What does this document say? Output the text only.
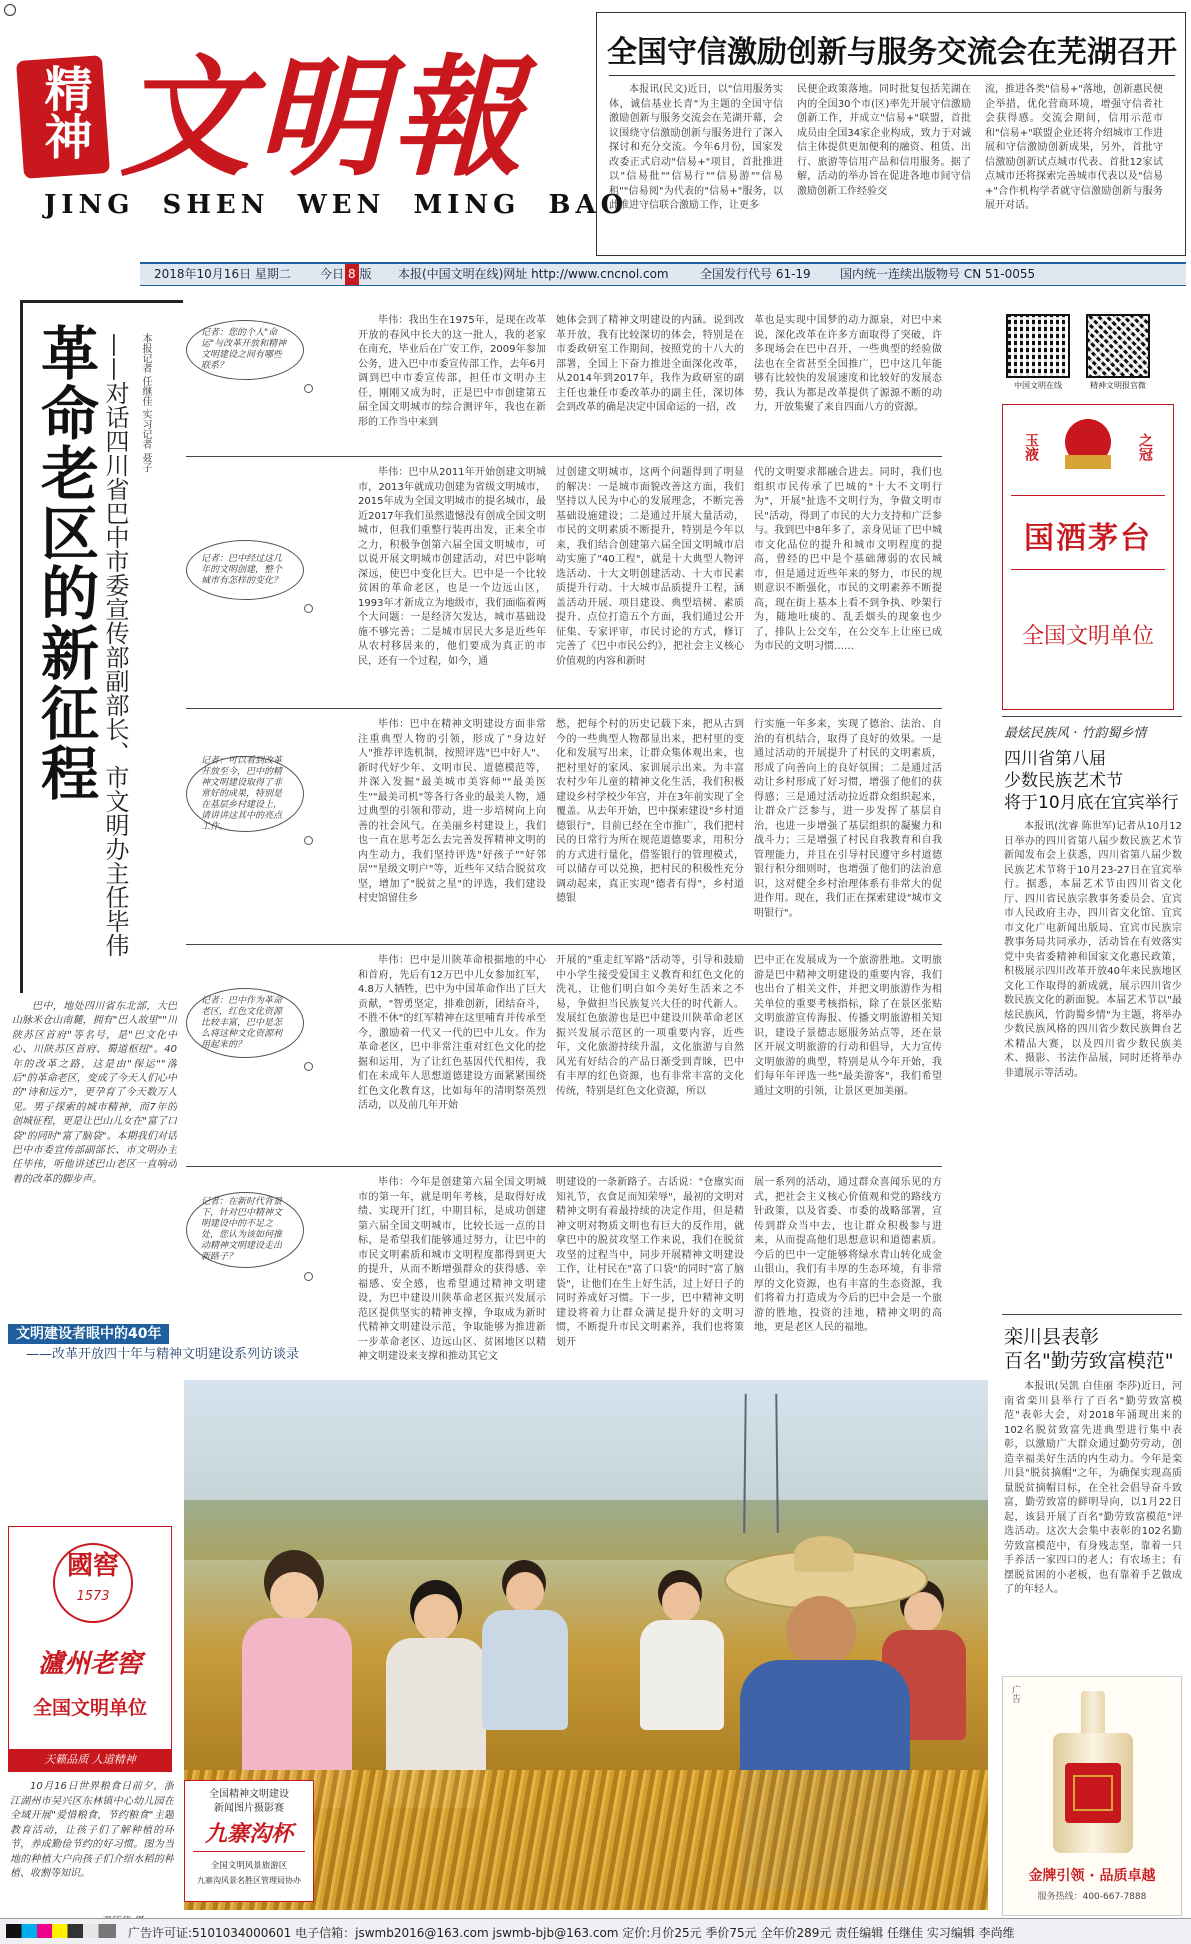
精神 文明報
JING  SHEN  WEN  MING  BAO
全国守信激励创新与服务交流会在芜湖召开

本报讯(民文)近日，以"信用服务实体，诚信基业长青"为主题的全国守信激励创新与服务交流会在芜湖开幕，会议围绕守信激励创新与服务进行了深入探讨和充分交流。今年6月份，国家发改委正式启动"信易+"项目，首批推进以"信易批""信易行""信易游""信易租""信易阅"为代表的"信易+"服务，以此推进守信联合激励工作，让更多

民便企政策落地。同时批复包括芜湖在内的全国30个市(区)率先开展守信激励创新工作，并成立"信易+"联盟，首批成员由全国34家企业构成，致力于对诚信主体提供更加便利的融资、租赁、出行、旅游等信用产品和信用服务。据了解，活动的举办旨在促进各地市间守信激励创新工作经验交

流，推进各类"信易+"落地，创新惠民便企举措，优化营商环境，增强守信者社会获得感。交流会期间，信用示范市和"信易+"联盟企业还将介绍城市工作进展和守信激励创新成果，另外，首批守信激励创新试点城市代表、首批12家试点城市还将探索完善城市代表以及"信易+"合作机构学者就守信激励创新与服务展开对话。

2018年10月16日 星期二 今日 8 版 本报(中国文明在线)网址 http://www.cncnol.com	全国发行代号 61-19 国内统一连续出版物号 CN 51-0055
革命老区的新征程 ——对话四川省巴中市委宣传部副部长、市文明办主任毕伟 本报记者 任继佳 实习记者 聂子

巴中，地处四川省东北部，大巴山脉米仓山南麓，拥有"巴人故里""川陕苏区首府"等名号，是"巴文化中心、川陕苏区首府、蜀道枢纽"。40年的改革之路，这是由"保运""落后"的革命老区，变成了今天人们心中的"诗和远方"，更孕育了今天数万人见。男子探索的城市精神，而7年的创城征程，更是让巴山儿女在"富了口袋"的同时"富了脑袋"。本期我们对话巴中市委宣传部副部长、市文明办主任毕伟，听他讲述巴山老区一直响动着的改革的脚步声。

记者：您的个人"命运"与改革开放和精神文明建设之间有哪些联系？

毕伟：我出生在1975年，是现在改革开放的春风中长大的这一批人，我的老家在南充，毕业后在广安工作，2009年参加公务，进入巴中市委宣传部工作，去年6月调到巴中市委宣传部，担任市文明办主任，刚刚又成为时，正是巴中市创建第五届全国文明城市的综合测评年，我也在新形的工作当中来到

她体会到了精神文明建设的内涵。说到改革开放，我有比较深切的体会，特别是在市委政研室工作期间，按照党的十八大的部署，全国上下奋力推进全面深化改革，从2014年到2017年，我作为政研室的副主任也兼任市委改革办的副主任，深切体会到改革的确是决定中国命运的一招，改

革也是实现中国梦的动力源泉，对巴中来说，深化改革在许多方面取得了突破，许多现场会在巴中召开，一些典型的经验做法也在全省甚至全国推广，巴中这几年能够有比较快的发展速度和比较好的发展态势，我认为都是改革提供了源源不断的动力，开放集聚了来自四面八方的资源。

记者：巴中经过这几年的文明创建，整个城市有怎样的变化？

毕伟：巴中从2011年开始创建文明城市，2013年就成功创建为省级文明城市，2015年成为全国文明城市的提名城市，最近2017年我们虽然遗憾没有创成全国文明城市，但我们重整行装再出发，正来全市之力，积极争创第六届全国文明城市，可以说开展文明城市创建活动，对巴中影响深远，使巴中变化巨大。巴中是一个比较贫困的革命老区，也是一个边远山区，1993年才新成立为地级市，我们面临着两个大问题：一是经济欠发达，城市基础设施不够完善；二是城市居民大多是近些年从农村移居来的，他们要成为真正的市民，还有一个过程，如今，通

过创建文明城市，这两个问题得到了明显的解决：一是城市面貌改善这方面，我们坚持以人民为中心的发展理念，不断完善基础设施建设；二是通过开展大量活动，市民的文明素质不断提升，特别是今年以来，我们结合创建第六届全国文明城市启动实施了"40工程"，就是十大典型人物评选活动、十大文明创建活动、十大市民素质提升行动、十大城市品质提升工程，涵盖活动开展、项目建设、典型培树、素质提升、点位打造五个方面，我们通过公开征集、专家评审，市民讨论的方式，修订完善了《巴中市民公约》，把社会主义核心价值观的内容和新时

代的文明要求都融合进去。同时，我们也组织市民传承了巴城的"十大不文明行为"，开展"扯选不文明行为，争做文明市民"活动，得到了市民的大力支持和广泛参与。我到巴中8年多了，亲身见证了巴中城市文化品位的提升和城市文明程度的提高，曾经的巴中是个基础薄弱的农民城市，但是通过近些年来的努力，市民的规则意识不断强化，市民的文明素养不断提高，现在街上基本上看不到争执、吵架行为，随地吐痰的、乱丢烟头的现象也少了，排队上公交车，在公交车上让座已成为市民的文明习惯……

记者：可以看到改革开放至今，巴中的精神文明建设取得了非常好的成果，特别是在基层乡村建设上，请讲讲这其中的亮点工作。

毕伟：巴中在精神文明建设方面非常注重典型人物的引领，形成了"身边好人"推荐评选机制，按照评选"巴中好人"、新时代好少年、文明市民、道德模范等，并深入发掘"最美城市美容师""最美医生""最美司机"等各行各业的最美人物，通过典型的引领和带动，进一步培树向上向善的社会风气。在美丽乡村建设上，我们也一直在思考怎么去完善发挥精神文明的内生动力，我们坚持评选"好孩子""好邻居""星级文明户"等，近些年又结合脱贫攻坚，增加了"脱贫之星"的评选，我们建设村史馆留住乡

愁，把每个村的历史记载下来，把从古到今的一些典型人物都显出来，把村里的变化和发展写出来，让群众集体观出来，也把村里好的家风、家训展示出来。为丰富农村少年儿童的精神文化生活，我们积极建设乡村学校少年宫，并在3年前实现了全覆盖。从去年开始，巴中探索建设"乡村道德银行"，目前已经在全市推广，我们把村民的日常行为所在规范道德要求，用积分的方式进行量化，借鉴银行的管理模式，可以储存可以兑换，把村民的积极性充分调动起来，真正实现"德者有得"，乡村道德银

行实施一年多来，实现了德治、法治、自治的有机结合，取得了良好的效果。一是通过活动的开展提升了村民的文明素质，形成了向善向上的良好氛围；二是通过活动让乡村形成了好习惯，增强了他们的获得感；三是通过活动拉近群众组织起来，让群众广泛参与，进一步发挥了基层自治，也进一步增强了基层组织的凝聚力和战斗力；三是增强了村民自我教育和自我管理能力，并且在引导村民遵守乡村道德银行积分细则时，也增强了他们的法治意识，这对健全乡村治理体系有非常大的促进作用。现在，我们正在探索建设"城市文明银行"。

记者：巴中作为革命老区，红色文化资源比较丰富，巴中是怎么将这种文化资源利用起来的？

毕伟：巴中是川陕革命根据地的中心和首府，先后有12万巴中儿女参加红军，4.8万人牺牲，巴中为中国革命作出了巨大贡献，"智勇坚定，排难创新，团结奋斗，不胜不休"的红军精神在这里哺育并传承至今，激励着一代又一代的巴中儿女。作为革命老区，巴中非常注重对红色文化的挖掘和运用，为了让红色基因代代相传，我们在未成年人思想道德建设方面紧紧围绕红色文化教育这，比如每年的清明祭英烈活动，以及前几年开始

开展的"重走红军路"活动等，引导和鼓励中小学生接受爱国主义教育和红色文化的洗礼，让他们明白如今美好生活来之不易，争做担当民族复兴大任的时代新人。发展红色旅游也是巴中建设川陕革命老区振兴发展示范区的一项重要内容，近些年，文化旅游持续升温，文化旅游与自然风光有好结合的产品日渐受到青睐，巴中有丰厚的红色资源，也有非常丰富的文化传统，特别是红色文化资源，所以

巴中正在发展成为一个旅游胜地。文明旅游是巴中精神文明建设的重要内容，我们也出台了相关文件，并把文明旅游作为相关单位的重要考核指标，除了在景区张贴文明旅游宣传海报、传播文明旅游相关知识，建设子景德志愿服务站点等，还在景区开展文明旅游的行动和倡导，大力宣传文明旅游的典型，特别是从今年开始，我们每年年评选一些"最美游客"，我们希望通过文明的引领，让景区更加美丽。

记者：在新时代背景下，针对巴中精神文明建设中的不足之处，您认为该如何推动精神文明建设走出新路子？

毕伟：今年是创建第六届全国文明城市的第一年，就是明年考核，是取得好成绩、实现开门红，中期目标，是成功创建第六届全国文明城市，比较长远一点的目标，是希望我们能够通过努力，让巴中的市民文明素质和城市文明程度都得到更大的提升，从而不断增强群众的获得感、幸福感、安全感，也希望通过精神文明建设，为巴中建设川陕革命老区振兴发展示范区提供坚实的精神支撑，争取成为新时代精神文明建设示范，争取能够为推进新一步革命老区、边远山区、贫困地区以精神文明建设来支撑和推动其它文

明建设的一条新路子。古话说："仓廪实而知礼节，衣食足而知荣辱"，最初的文明对精神文明有着最持续的决定作用，但是精神文明对物质文明也有巨大的反作用，就拿巴中的脱贫攻坚工作来说，我们在脱贫攻坚的过程当中，同步开展精神文明建设工作，让村民在"富了口袋"的同时"富了脑袋"，让他们在生上好生活，过上好日子的同时养成好习惯。下一步，巴中精神文明建设将着力让群众满足提升好的文明习惯，不断提升市民文明素养，我们也将策划开

展一系列的活动，通过群众喜闻乐见的方式，把社会主义核心价值观和党的路线方针政策，以及省委、市委的战略部署，宣传到群众当中去，也让群众积极参与进来，从而提高他们思想意识和道德素质。今后的巴中一定能够将绿水青山转化成金山银山，我们有丰厚的生态环境，有非常厚的文化资源，也有丰富的生态资源，我们将着力打造成为今后的巴中会是一个旅游的胜地，投资的洼地，精神文明的高地，更是老区人民的福地。

文明建设者眼中的40年
——改革开放四十年与精神文明建设系列访谈录
中国文明在线	精神文明报官微
玉液	之冠
国酒茅台
全国文明单位
最炫民族风 · 竹韵蜀乡情
四川省第八届
少数民族艺术节
将于10月底在宜宾举行

本报讯(沈睿 陈世军)记者从10月12日举办的四川省第八届少数民族艺术节新闻发布会上获悉，四川省第八届少数民族艺术节将于10月23-27日在宜宾举行。据悉，本届艺术节由四川省文化厅、四川省民族宗教事务委员会、宜宾市人民政府主办，四川省文化馆、宜宾市文化广电新闻出版局、宜宾市民族宗教事务局共同承办，活动旨在有效落实党中央省委精神和国家文化惠民政策，积极展示四川改革开放40年来民族地区文化工作取得的新成就，展示四川省少数民族文化的新面貌。本届艺术节以"最炫民族风，竹韵蜀乡情"为主题，将举办少数民族风格的四川省少数民族舞台艺术精品大赛，以及四川省少数民族美术、摄影、书法作品展，同时还将举办非遗展示等活动。

栾川县表彰
百名"勤劳致富模范"

本报讯(吴凯 白佳丽 李莎)近日，河南省栾川县举行了百名"勤劳致富模范"表彰大会，对2018年涌现出来的102名脱贫致富先进典型进行集中表彰，以激励广大群众通过勤劳劳动，创造幸福美好生活的内生动力。今年是栾川县"脱贫摘帽"之年，为确保实现高质量脱贫摘帽目标，在全社会倡导奋斗致富，勤劳致富的鲜明导向，以1月22日起，该县开展了百名"勤劳致富模范"评选活动。这次大会集中表彰的102名勤劳致富模范中，有身残志坚，靠着一只手养活一家四口的老人；有农场主；有摆脱贫困的小老板，也有靠着手艺做成了的年轻人。

广告
金牌引领 · 品质卓越
服务热线：400-667-7888
國窖
1573
瀘州老窖
全国文明单位
天籁品质 人道精神

10月16日世界粮食日前夕，浙江湖州市吴兴区东林镇中心幼儿园在全域开展"爱惜粮食，节约粮食"主题教育活动，让孩子们了解种植的环节，养成勤俭节约的好习惯。图为当地的种植大户向孩子们介绍水稻的种植、收割等知识。

全国精神文明建设
新闻图片摄影赛
九寨沟杯
全国文明风景旅游区
九寨沟风景名胜区管理局协办
广告许可证:5101034000601 电子信箱：jswmb2016@163.com jswmb-bjb@163.com 定价:月价25元 季价75元 全年价289元 责任编辑 任继佳 实习编辑 李尚维
